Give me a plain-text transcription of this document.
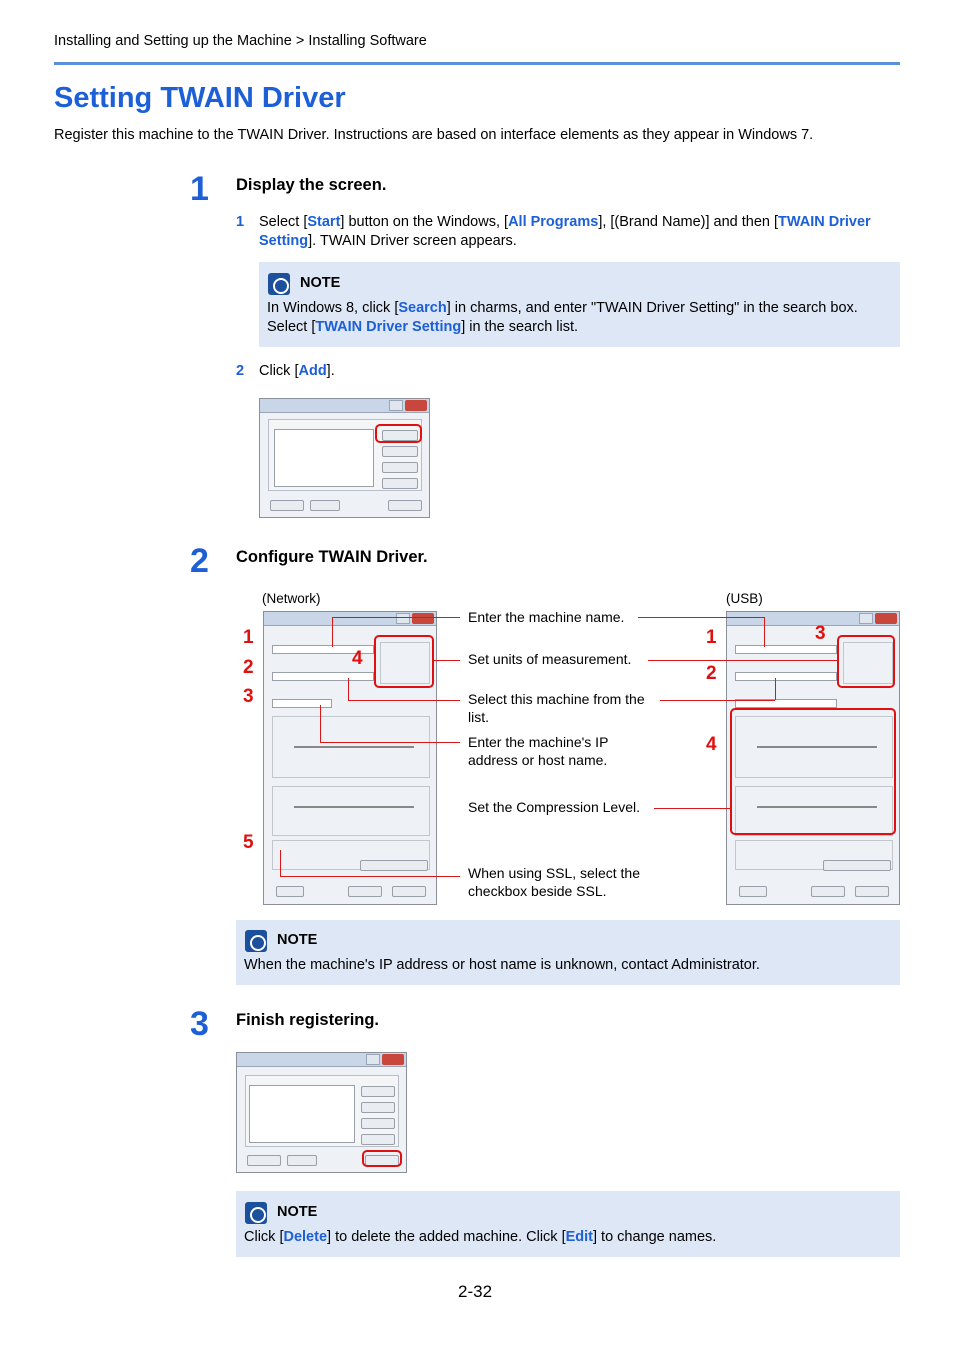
Installing and Setting up the Machine > Installing Software
Setting TWAIN Driver

Register this machine to the TWAIN Driver. Instructions are based on interface elements as they appear in Windows 7.

1 Display the screen.
1	Select [Start] button on the Windows, [All Programs], [(Brand Name)] and then [TWAIN Driver Setting]. TWAIN Driver screen appears.
NOTE
In Windows 8, click [Search] in charms, and enter "TWAIN Driver Setting" in the search box. Select [TWAIN Driver Setting] in the search list.
2	Click [Add].
2 Configure TWAIN Driver.
(Network)	(USB)
1
2
3
4
5
1
2
3
4
Enter the machine name.
Set units of measurement.
Select this machine from the list.
Enter the machine's IP address or host name.
Set the Compression Level.
When using SSL, select the checkbox beside SSL.
NOTE
When the machine's IP address or host name is unknown, contact Administrator.
3 Finish registering.
NOTE
Click [Delete] to delete the added machine. Click [Edit] to change names.
2-32
